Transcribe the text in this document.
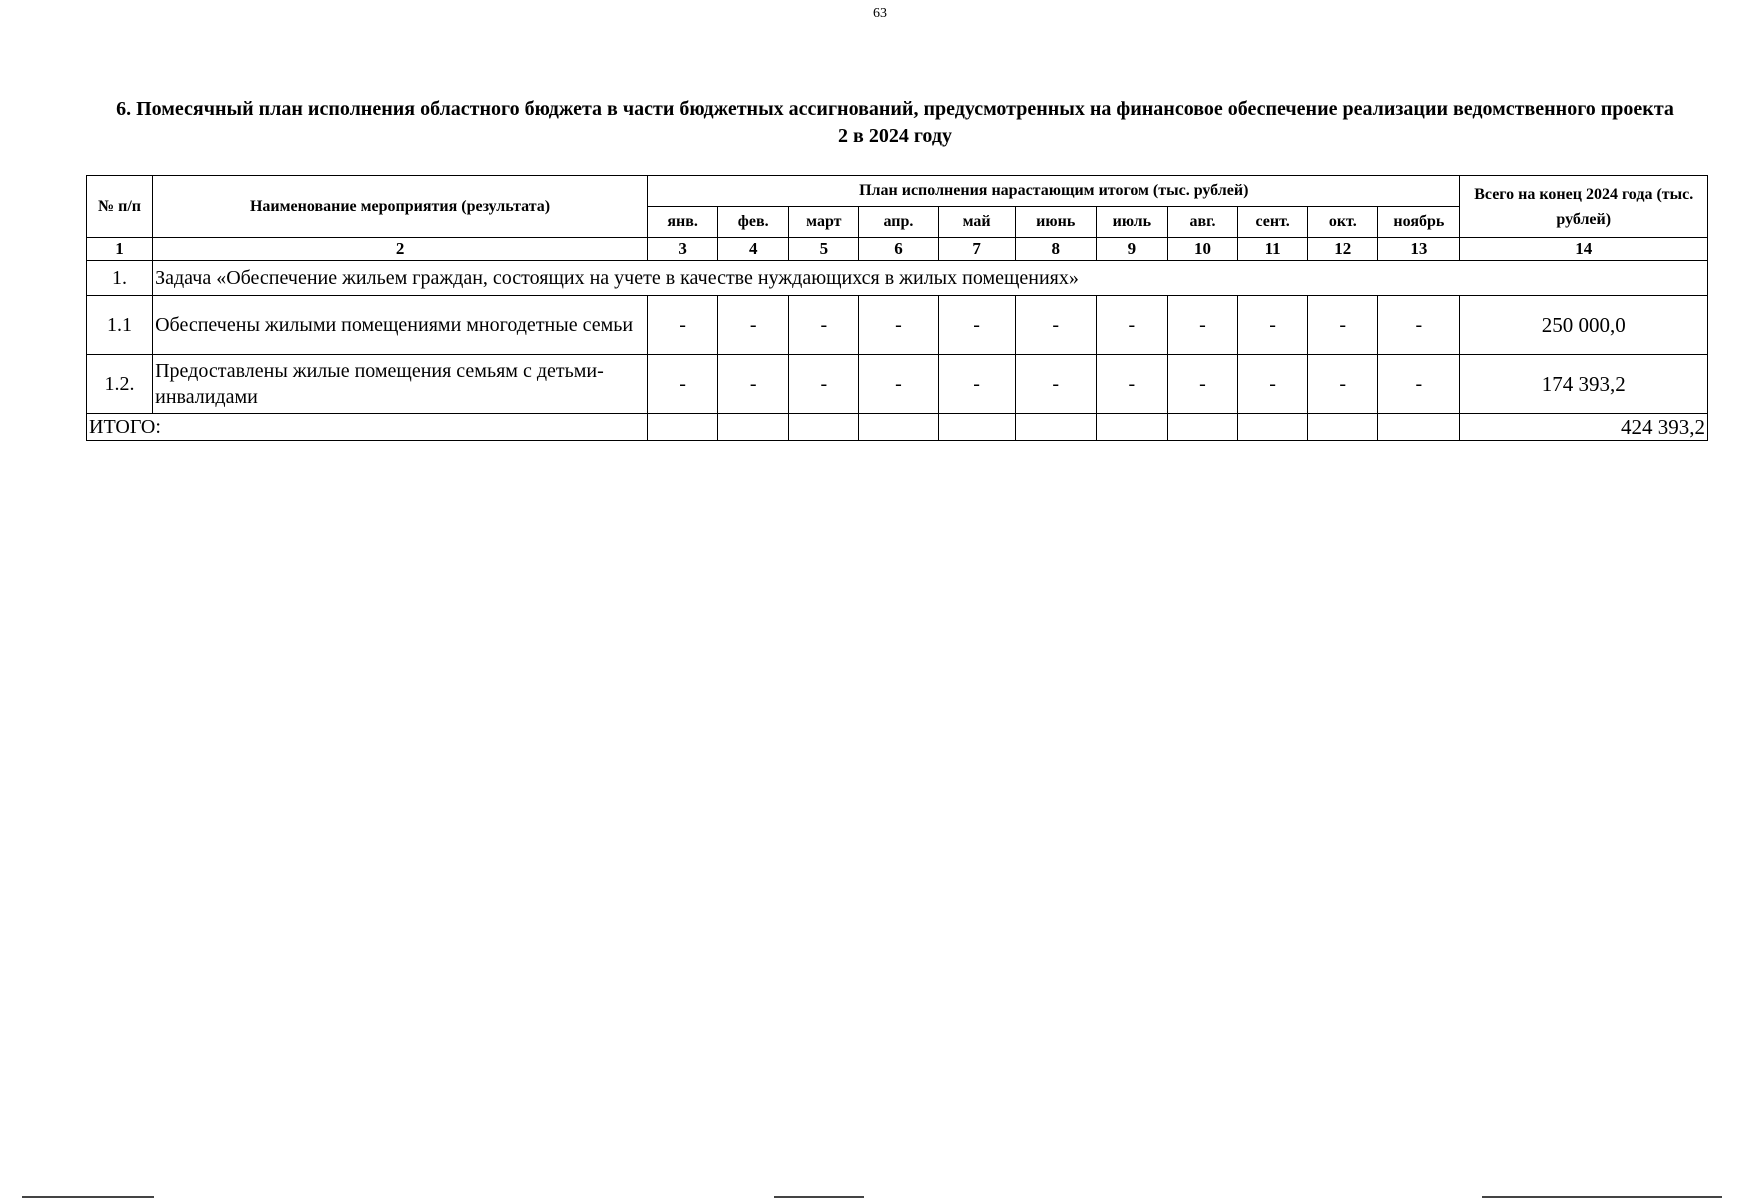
63
6. Помесячный план исполнения областного бюджета в части бюджетных ассигнований, предусмотренных на финансовое обеспечение реализации ведомственного проекта 2 в 2024 году
№ п/п	Наименование мероприятия (результата)	План исполнения нарастающим итогом (тыс. рублей)											Всего на конец 2024 года (тыс. рублей)
		янв.	фев.	март	апр.	май	июнь	июль	авг.	сент.	окт.	ноябрь	
1	2	3	4	5	6	7	8	9	10	11	12	13	14
1.	Задача «Обеспечение жильем граждан, состоящих на учете в качестве нуждающихся в жилых помещениях»												
1.1	Обеспечены жилыми помещениями многодетные семьи	-	-	-	-	-	-	-	-	-	-	-	250 000,0
1.2.	Предоставлены жилые помещения семьям с детьми-инвалидами	-	-	-	-	-	-	-	-	-	-	-	174 393,2
ИТОГО:													424 393,2
